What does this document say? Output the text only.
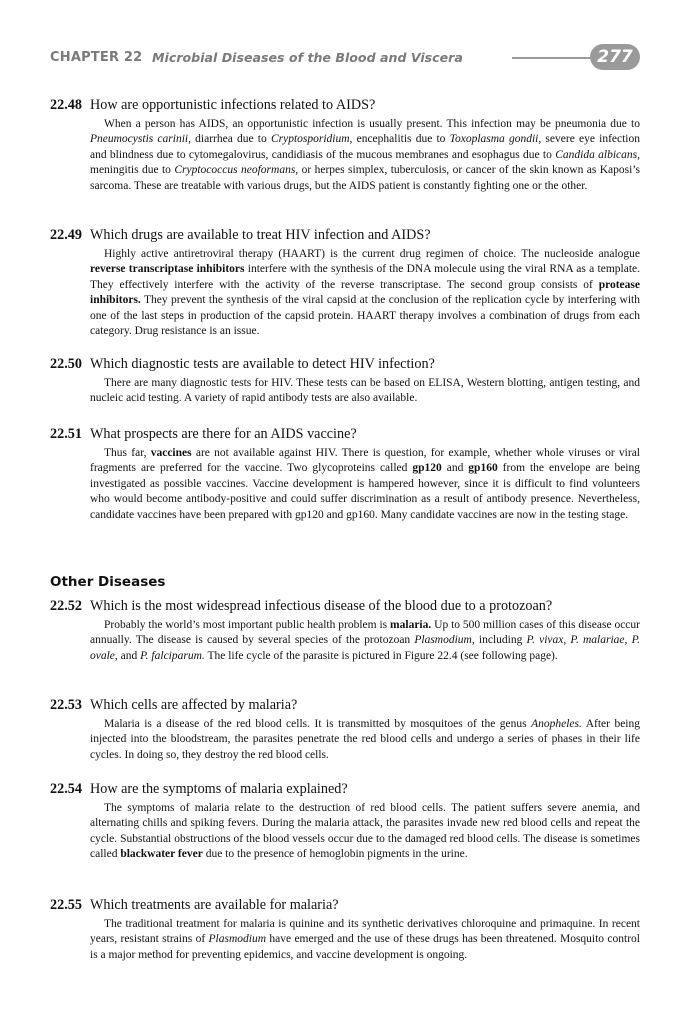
CHAPTER 22 Microbial Diseases of the Blood and Viscera	277
22.48 How are opportunistic infections related to AIDS?
When a person has AIDS, an opportunistic infection is usually present. This infection may be pneumonia due to Pneumocystis carinii, diarrhea due to Cryptosporidium, encephalitis due to Toxoplasma gondii, severe eye infection and blindness due to cytomegalovirus, candidiasis of the mucous membranes and esophagus due to Candida albicans, meningitis due to Cryptococcus neoformans, or herpes simplex, tuberculosis, or cancer of the skin known as Kaposi’s sarcoma. These are treatable with various drugs, but the AIDS patient is constantly fighting one or the other.
22.49 Which drugs are available to treat HIV infection and AIDS?
Highly active antiretroviral therapy (HAART) is the current drug regimen of choice. The nucleoside analogue reverse transcriptase inhibitors interfere with the synthesis of the DNA molecule using the viral RNA as a template. They effectively interfere with the activity of the reverse transcriptase. The second group consists of protease inhibitors. They prevent the synthesis of the viral capsid at the conclusion of the replication cycle by interfering with one of the last steps in production of the capsid protein. HAART therapy involves a combination of drugs from each category. Drug resistance is an issue.
22.50 Which diagnostic tests are available to detect HIV infection?
There are many diagnostic tests for HIV. These tests can be based on ELISA, Western blotting, antigen testing, and nucleic acid testing. A variety of rapid antibody tests are also available.
22.51 What prospects are there for an AIDS vaccine?
Thus far, vaccines are not available against HIV. There is question, for example, whether whole viruses or viral fragments are preferred for the vaccine. Two glycoproteins called gp120 and gp160 from the envelope are being investigated as possible vaccines. Vaccine development is hampered however, since it is difficult to find volunteers who would become antibody-positive and could suffer discrimination as a result of antibody presence. Nevertheless, candidate vaccines have been prepared with gp120 and gp160. Many candidate vaccines are now in the testing stage.
Other Diseases
22.52 Which is the most widespread infectious disease of the blood due to a protozoan?
Probably the world’s most important public health problem is malaria. Up to 500 million cases of this disease occur annually. The disease is caused by several species of the protozoan Plasmodium, including P. vivax, P. malariae, P. ovale, and P. falciparum. The life cycle of the parasite is pictured in Figure 22.4 (see following page).
22.53 Which cells are affected by malaria?
Malaria is a disease of the red blood cells. It is transmitted by mosquitoes of the genus Anopheles. After being injected into the bloodstream, the parasites penetrate the red blood cells and undergo a series of phases in their life cycles. In doing so, they destroy the red blood cells.
22.54 How are the symptoms of malaria explained?
The symptoms of malaria relate to the destruction of red blood cells. The patient suffers severe anemia, and alternating chills and spiking fevers. During the malaria attack, the parasites invade new red blood cells and repeat the cycle. Substantial obstructions of the blood vessels occur due to the damaged red blood cells. The disease is sometimes called blackwater fever due to the presence of hemoglobin pigments in the urine.
22.55 Which treatments are available for malaria?
The traditional treatment for malaria is quinine and its synthetic derivatives chloroquine and primaquine. In recent years, resistant strains of Plasmodium have emerged and the use of these drugs has been threatened. Mosquito control is a major method for preventing epidemics, and vaccine development is ongoing.
